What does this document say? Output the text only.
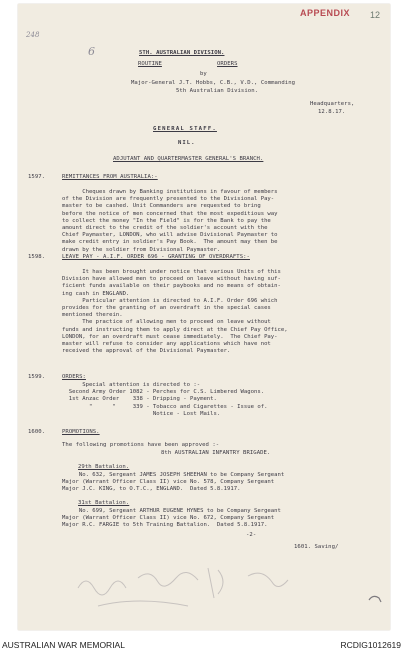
APPENDIX 12
248
6	5TH. AUSTRALIAN DIVISION.
ROUTINE	ORDERS
by
Major-General J.T. Hobbs, C.B., V.D., Commanding
5th Australian Division.
Headquarters,
12.8.17.
GENERAL STAFF.
NIL.
ADJUTANT AND QUARTERMASTER GENERAL'S BRANCH.
1597.	REMITTANCES FROM AUSTRALIA:-
Cheques drawn by Banking institutions in favour of members
of the Division are frequently presented to the Divisional Pay-
master to be cashed. Unit Commanders are requested to bring
before the notice of men concerned that the most expeditious way
to collect the money "In the Field" is for the Bank to pay the
amount direct to the credit of the soldier's account with the
Chief Paymaster, LONDON, who will advise Divisional Paymaster to
make credit entry in soldier's Pay Book.  The amount may then be
drawn by the soldier from Divisional Paymaster.
1598.	LEAVE PAY - A.I.F. ORDER 696 - GRANTING OF OVERDRAFTS:-
It has been brought under notice that various Units of this
Division have allowed men to proceed on leave without having suf-
ficient funds available on their paybooks and no means of obtain-
ing cash in ENGLAND.
Particular attention is directed to A.I.F. Order 696 which
provides for the granting of an overdraft in the special cases
mentioned therein.
The practice of allowing men to proceed on leave without
funds and instructing them to apply direct at the Chief Pay Office,
LONDON, for an overdraft must cease immediately.  The Chief Pay-
master will refuse to consider any applications which have not
received the approval of the Divisional Paymaster.
1599.	ORDERS:
Special attention is directed to :-
Second Army Order 1082 - Perches for C.S. Limbered Wagons.
1st Anzac Order    338 - Dripping - Payment.
"      "     339 - Tobacco and Cigarettes - Issue of.
Notice - Lost Mails.
1600.	PROMOTIONS.
The following promotions have been approved :-
8th AUSTRALIAN INFANTRY BRIGADE.
29th Battalion.
No. 632, Sergeant JAMES JOSEPH SHEEHAN to be Company Sergeant
Major (Warrant Officer Class II) vice No. 578, Company Sergeant
Major J.C. KING, to O.T.C., ENGLAND.  Dated 5.8.1917.
31st Battalion.
No. 699, Sergeant ARTHUR EUGENE HYNES to be Company Sergeant
Major (Warrant Officer Class II) vice No. 672, Company Sergeant
Major R.C. FARGIE to 5th Training Battalion.  Dated 5.8.1917.
-2-
1601. Saving/
AUSTRALIAN WAR MEMORIAL	RCDIG1012619
